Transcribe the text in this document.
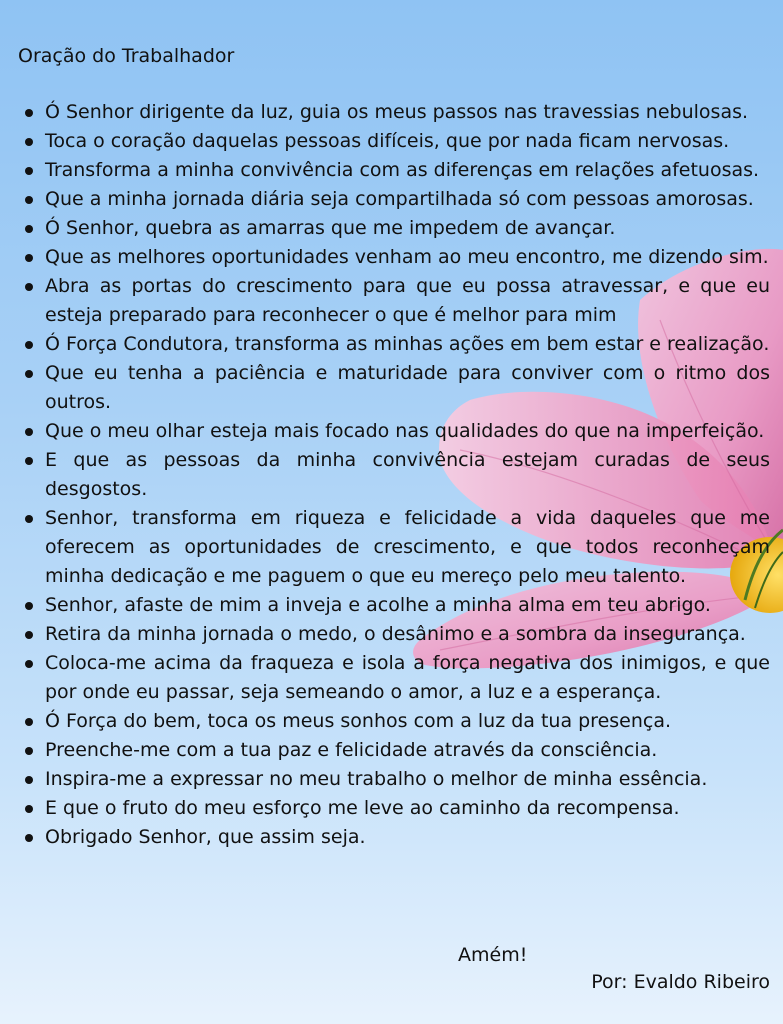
Oração do Trabalhador
Ó Senhor dirigente da luz, guia os meus passos nas travessias nebulosas.
Toca o coração daquelas pessoas difíceis, que por nada ficam nervosas.
Transforma a minha convivência com as diferenças em relações afetuosas.
Que a minha jornada diária seja compartilhada só com pessoas amorosas.
Ó Senhor, quebra as amarras que me impedem de avançar.
Que as melhores oportunidades venham ao meu encontro, me dizendo sim.
Abra as portas do crescimento para que eu possa atravessar, e que eu esteja preparado para reconhecer o que é melhor para mim
Ó Força Condutora, transforma as minhas ações em bem estar e realização.
Que eu tenha a paciência e maturidade para conviver com o ritmo dos outros.
Que o meu olhar esteja mais focado nas qualidades do que na imperfeição.
E que as pessoas da minha convivência estejam curadas de seus desgostos.
Senhor, transforma em riqueza e felicidade a vida daqueles que me oferecem as oportunidades de crescimento, e que todos reconheçam minha dedicação e me paguem o que eu mereço pelo meu talento.
Senhor, afaste de mim a inveja e acolhe a minha alma em teu abrigo.
Retira da minha jornada o medo, o desânimo e a sombra da insegurança.
Coloca-me acima da fraqueza e isola a força negativa dos inimigos, e que por onde eu passar, seja semeando o amor, a luz e a esperança.
Ó Força do bem, toca os meus sonhos com a luz da tua presença.
Preenche-me com a tua paz e felicidade através da consciência.
Inspira-me a expressar no meu trabalho o melhor de minha essência.
E que o fruto do meu esforço me leve ao caminho da recompensa.
Obrigado Senhor, que assim seja.
Amém!
Por: Evaldo Ribeiro
